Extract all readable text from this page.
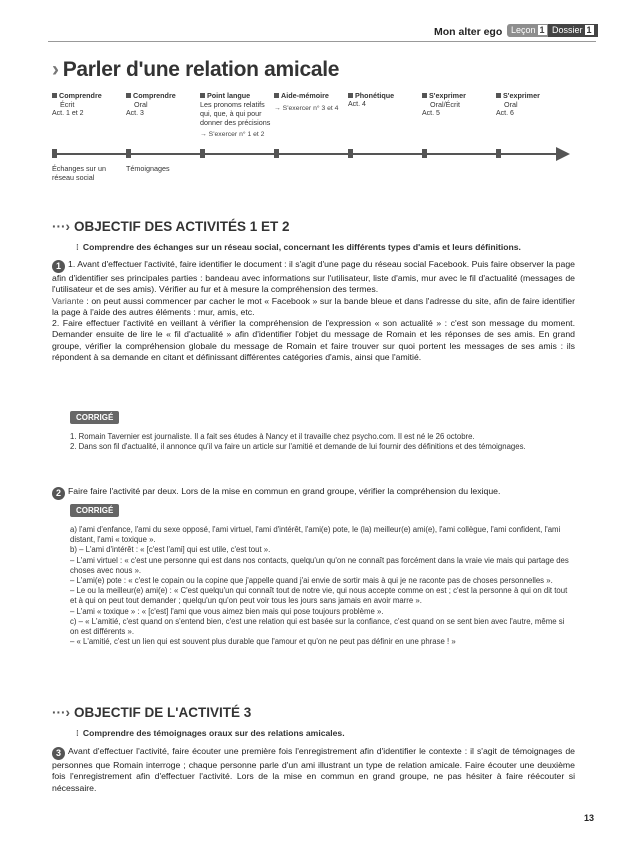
Mon alter ego Leçon 1 Dossier 1
› Parler d'une relation amicale
Comprendre
Écrit
Act. 1 et 2
Comprendre
Oral
Act. 3
Point langue
Les pronoms relatifs qui, que, à qui pour donner des précisions
→ S'exercer n° 1 et 2
Aide-mémoire
→ S'exercer n° 3 et 4
Phonétique
Act. 4
S'exprimer
Oral/Écrit
Act. 5
S'exprimer
Oral
Act. 6
Échanges sur un réseau social
Témoignages
···› OBJECTIF DES ACTIVITÉS 1 ET 2
⁞ Comprendre des échanges sur un réseau social, concernant les différents types d'amis et leurs définitions.

1 1. Avant d'effectuer l'activité, faire identifier le document : il s'agit d'une page du réseau social Facebook. Puis faire observer la page afin d'identifier ses principales parties : bandeau avec informations sur l'utilisateur, liste d'amis, mur avec le fil d'actualité (messages de l'utilisateur et de ses amis). Vérifier au fur et à mesure la compréhension des termes.

Variante : on peut aussi commencer par cacher le mot « Facebook » sur la bande bleue et dans l'adresse du site, afin de faire identifier la page à l'aide des autres éléments : mur, amis, etc.

2. Faire effectuer l'activité en veillant à vérifier la compréhension de l'expression « son actualité » : c'est son message du moment. Demander ensuite de lire le « fil d'actualité » afin d'identifier l'objet du message de Romain et les réponses de ses amis. En grand groupe, vérifier la compréhension globale du message de Romain et faire trouver sur quoi portent les messages de ses amis : ils répondent à sa demande en citant et définissant différentes catégories d'amis, ainsi que l'amitié.

CORRIGÉ

1. Romain Tavernier est journaliste. Il a fait ses études à Nancy et il travaille chez psycho.com. Il est né le 26 octobre.

2. Dans son fil d'actualité, il annonce qu'il va faire un article sur l'amitié et demande de lui fournir des définitions et des témoignages.

2 Faire faire l'activité par deux. Lors de la mise en commun en grand groupe, vérifier la compréhension du lexique.

CORRIGÉ

a) l'ami d'enfance, l'ami du sexe opposé, l'ami virtuel, l'ami d'intérêt, l'ami(e) pote, le (la) meilleur(e) ami(e), l'ami collègue, l'ami confident, l'ami distant, l'ami « toxique ».

b) – L'ami d'intérêt : « [c'est l'ami] qui est utile, c'est tout ».

– L'ami virtuel : « c'est une personne qui est dans nos contacts, quelqu'un qu'on ne connaît pas forcément dans la vraie vie mais qui partage des choses avec nous ».

– L'ami(e) pote : « c'est le copain ou la copine que j'appelle quand j'ai envie de sortir mais à qui je ne raconte pas de choses personnelles ».

– Le ou la meilleur(e) ami(e) : « C'est quelqu'un qui connaît tout de notre vie, qui nous accepte comme on est ; c'est la personne à qui on dit tout et à qui on peut tout demander ; quelqu'un qu'on peut voir tous les jours sans jamais en avoir marre ».

– L'ami « toxique » : « [c'est] l'ami que vous aimez bien mais qui pose toujours problème ».

c) – « L'amitié, c'est quand on s'entend bien, c'est une relation qui est basée sur la confiance, c'est quand on se sent bien avec l'autre, même si on est différents ».

– « L'amitié, c'est un lien qui est souvent plus durable que l'amour et qu'on ne peut pas définir en une phrase ! »

···› OBJECTIF DE L'ACTIVITÉ 3
⁞ Comprendre des témoignages oraux sur des relations amicales.

3 Avant d'effectuer l'activité, faire écouter une première fois l'enregistrement afin d'identifier le contexte : il s'agit de témoignages de personnes que Romain interroge ; chaque personne parle d'un ami illustrant un type de relation amicale. Faire écouter une deuxième fois l'enregistrement afin d'effectuer l'activité. Lors de la mise en commun en grand groupe, ne pas hésiter à faire réécouter si nécessaire.

13
